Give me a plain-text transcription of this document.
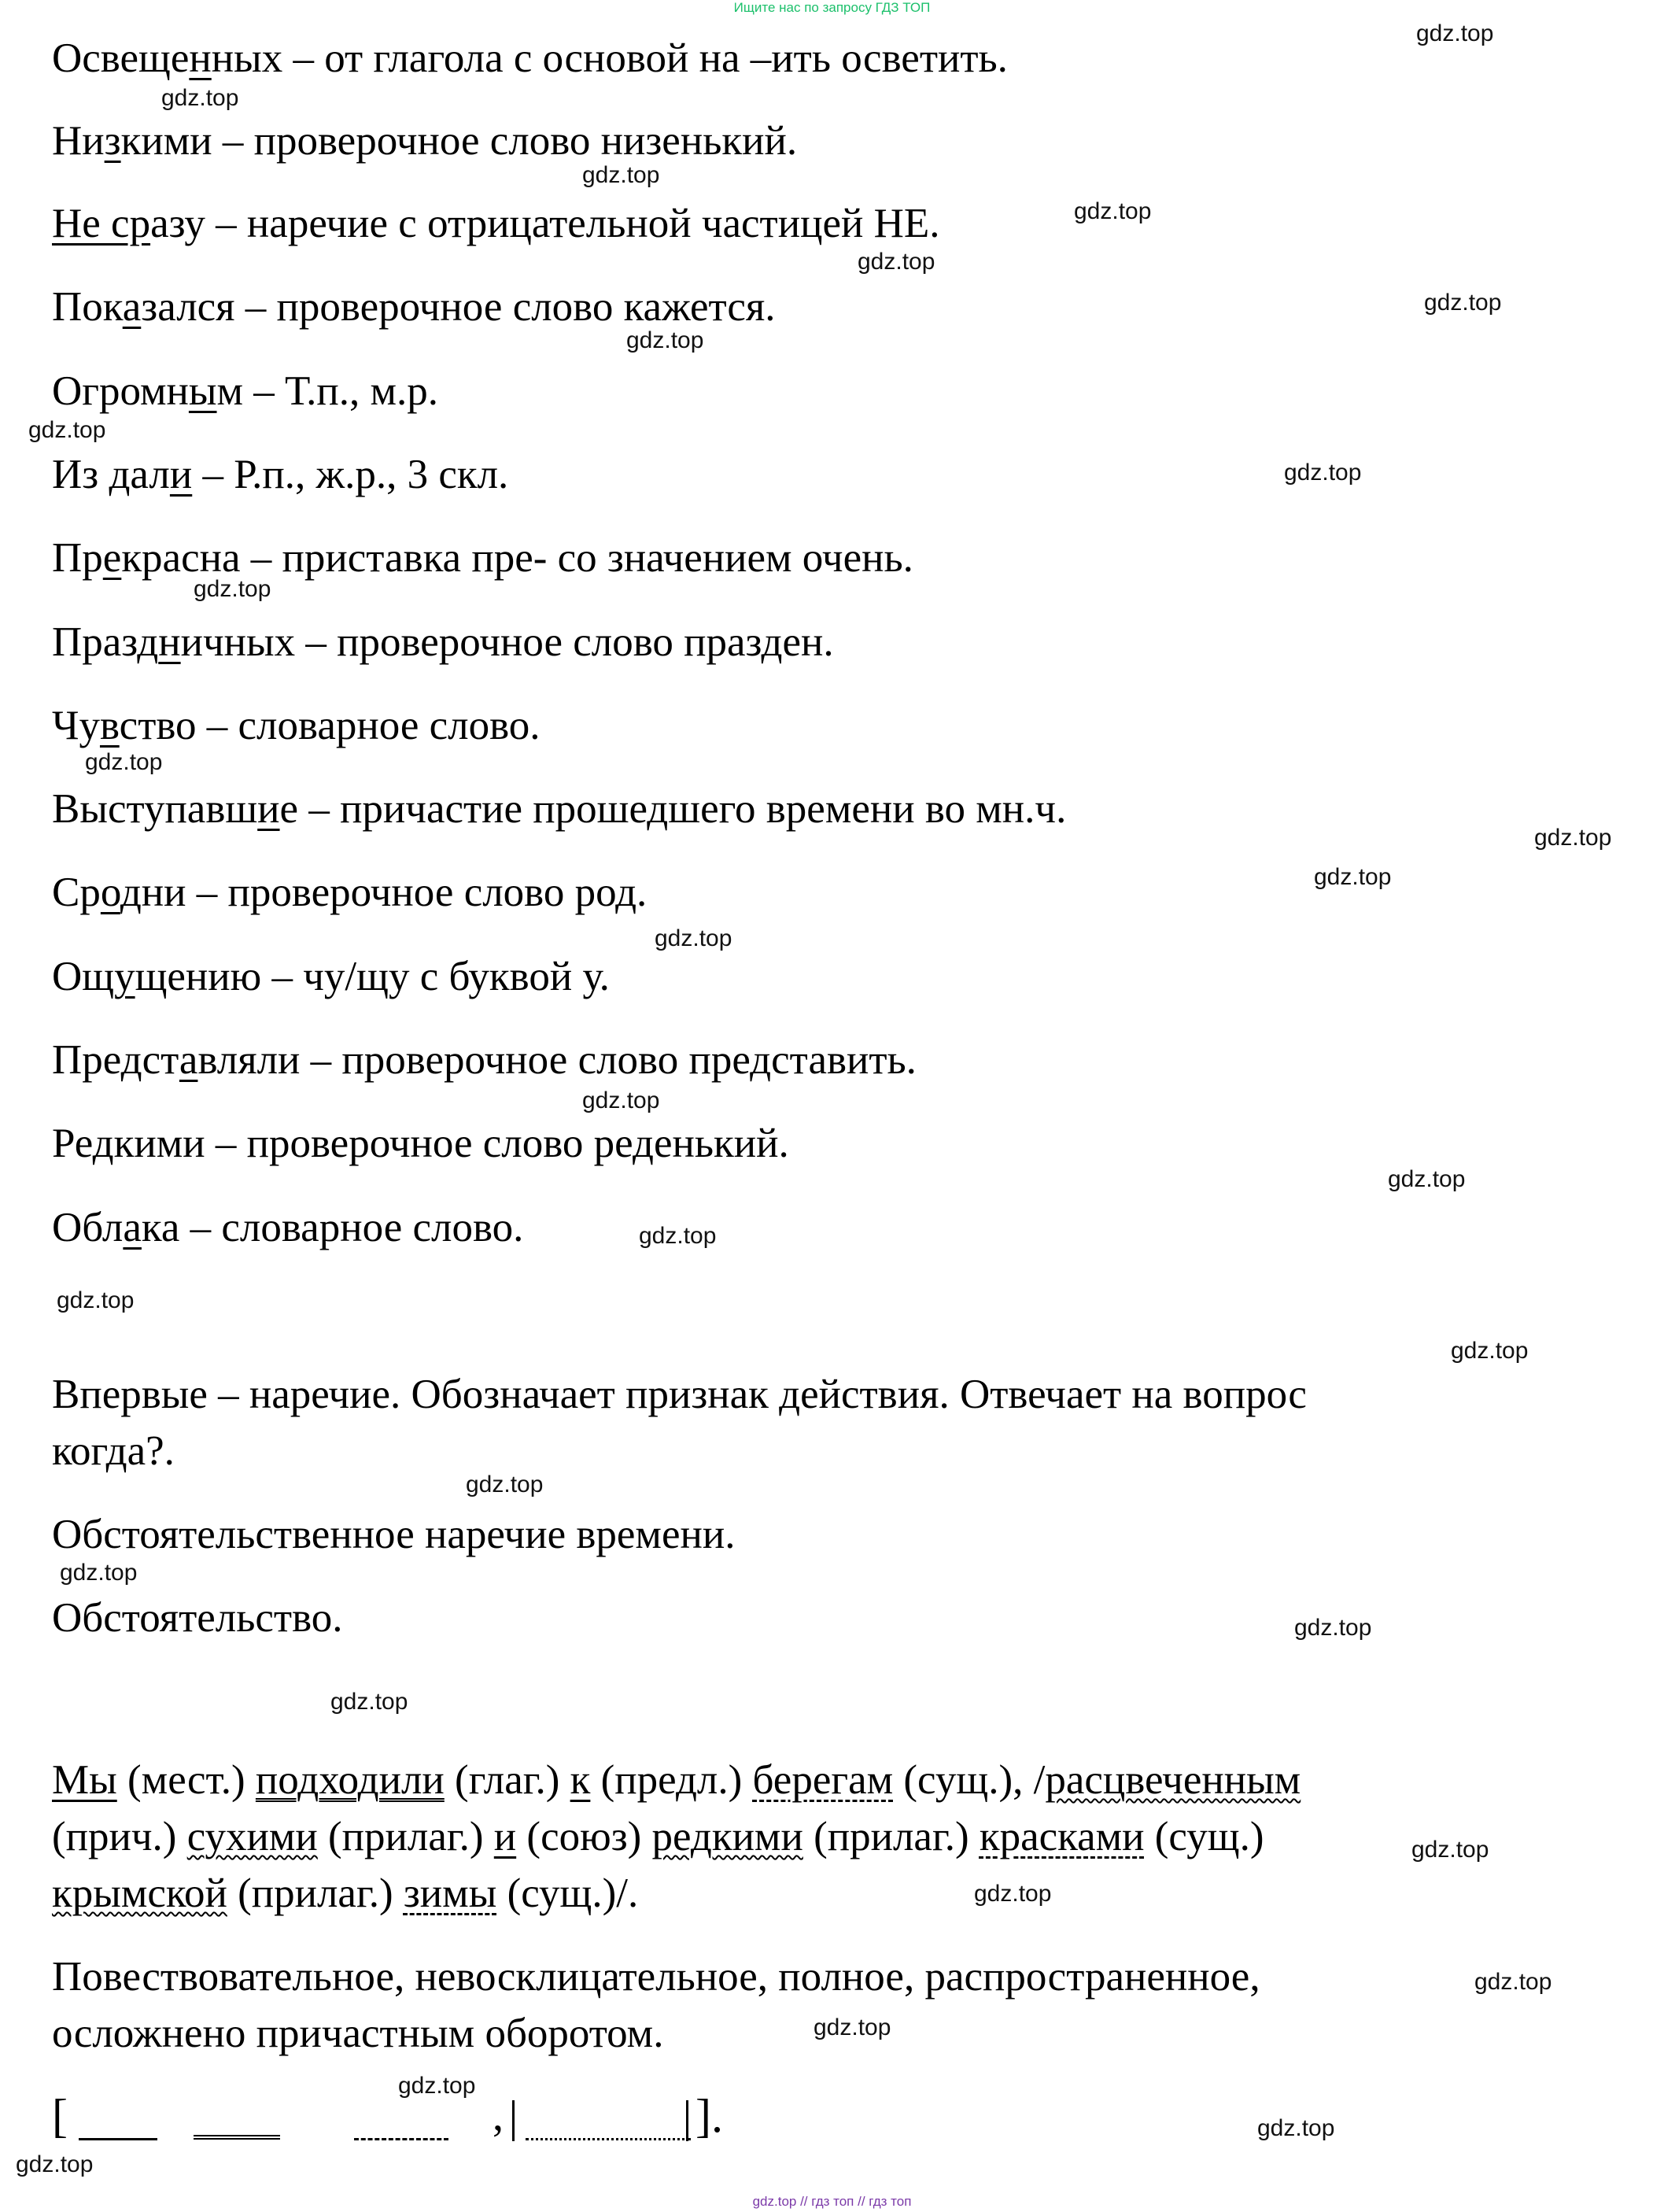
Ищите нас по запросу ГДЗ ТОП

Освещенных – от глагола с основой на –ить осветить.

Низкими – проверочное слово низенький.

Не сразу – наречие с отрицательной частицей НЕ.

Показался – проверочное слово кажется.

Огромным – Т.п., м.р.

Из дали – Р.п., ж.р., 3 скл.

Прекрасна – приставка пре- со значением очень.

Праздничных – проверочное слово празден.

Чувство – словарное слово.

Выступавшие – причастие прошедшего времени во мн.ч.

Сродни – проверочное слово род.

Ощущению – чу/щу с буквой у.

Представляли – проверочное слово представить.

Редкими – проверочное слово реденький.

Облака – словарное слово.

Впервые – наречие. Обозначает признак действия. Отвечает на вопрос

когда?.

Обстоятельственное наречие времени.

Обстоятельство.

Мы (мест.) подходили (глаг.) к (предл.) берегам (сущ.), /расцвеченным

(прич.) сухими (прилаг.) и (союз) редкими (прилаг.) красками (сущ.)

крымской (прилаг.) зимы (сущ.)/.

Повествовательное, невосклицательное, полное, распространенное,

осложнено причастным оборотом.

[	,	].
gdz.top
gdz.top
gdz.top
gdz.top
gdz.top
gdz.top
gdz.top
gdz.top
gdz.top
gdz.top
gdz.top
gdz.top
gdz.top
gdz.top
gdz.top
gdz.top
gdz.top
gdz.top
gdz.top
gdz.top
gdz.top
gdz.top
gdz.top
gdz.top
gdz.top
gdz.top
gdz.top
gdz.top
gdz.top
gdz.top
gdz.top // гдз топ // гдз топ
